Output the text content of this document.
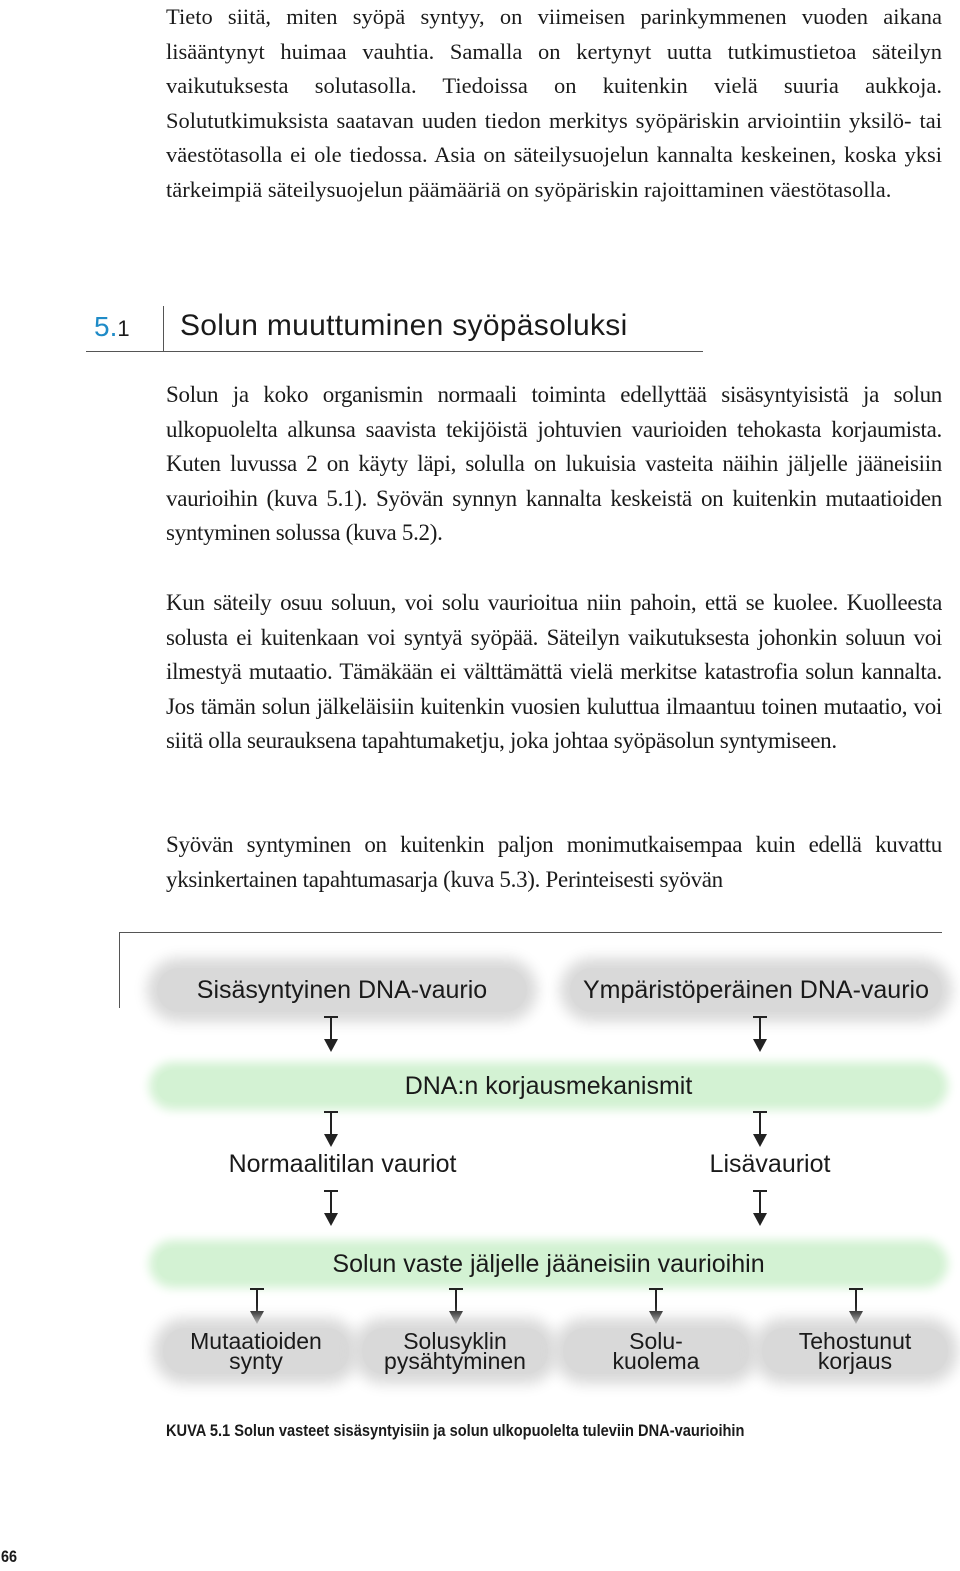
Tieto siitä, miten syöpä syntyy, on viimeisen parinkymmenen vuoden aikana lisääntynyt huimaa vauhtia. Samalla on kertynyt uutta tutkimustietoa säteilyn vaikutuksesta solutasolla. Tiedoissa on kuitenkin vielä suuria aukkoja. Solututkimuksista saatavan uuden tiedon merkitys syöpäriskin arviointiin yksilö- tai väestötasolla ei ole tiedossa. Asia on säteilysuojelun kannalta keskeinen, koska yksi tärkeimpiä säteilysuojelun päämääriä on syöpäriskin rajoittaminen väestötasolla.

5.1 Solun muuttuminen syöpäsoluksi

Solun ja koko organismin normaali toiminta edellyttää sisäsyntyisistä ja solun ulkopuolelta alkunsa saavista tekijöistä johtuvien vaurioiden tehokasta korjaumista. Kuten luvussa 2 on käyty läpi, solulla on lukuisia vasteita näihin jäljelle jääneisiin vaurioihin (kuva 5.1). Syövän synnyn kannalta keskeistä on kuitenkin mutaatioiden syntyminen solussa (kuva 5.2).

Kun säteily osuu soluun, voi solu vaurioitua niin pahoin, että se kuolee. Kuolleesta solusta ei kuitenkaan voi syntyä syöpää. Säteilyn vaikutuksesta johonkin soluun voi ilmestyä mutaatio. Tämäkään ei välttämättä vielä merkitse katastrofia solun kannalta. Jos tämän solun jälkeläisiin kuitenkin vuosien kuluttua ilmaantuu toinen mutaatio, voi siitä olla seurauksena tapahtumaketju, joka johtaa syöpäsolun syntymiseen.

Syövän syntyminen on kuitenkin paljon monimutkaisempaa kuin edellä kuvattu yksinkertainen tapahtumasarja (kuva 5.3). Perinteisesti syövän

Sisäsyntyinen DNA-vaurio	Ympäristöperäinen DNA-vaurio
DNA:n korjausmekanismit
Normaalitilan vauriot	Lisävauriot
Solun vaste jäljelle jääneisiin vaurioihin
Mutaatioiden
synty
Solusyklin
pysähtyminen
Solu-
kuolema
Tehostunut
korjaus
KUVA 5.1 Solun vasteet sisäsyntyisiin ja solun ulkopuolelta tuleviin DNA-vaurioihin
66
